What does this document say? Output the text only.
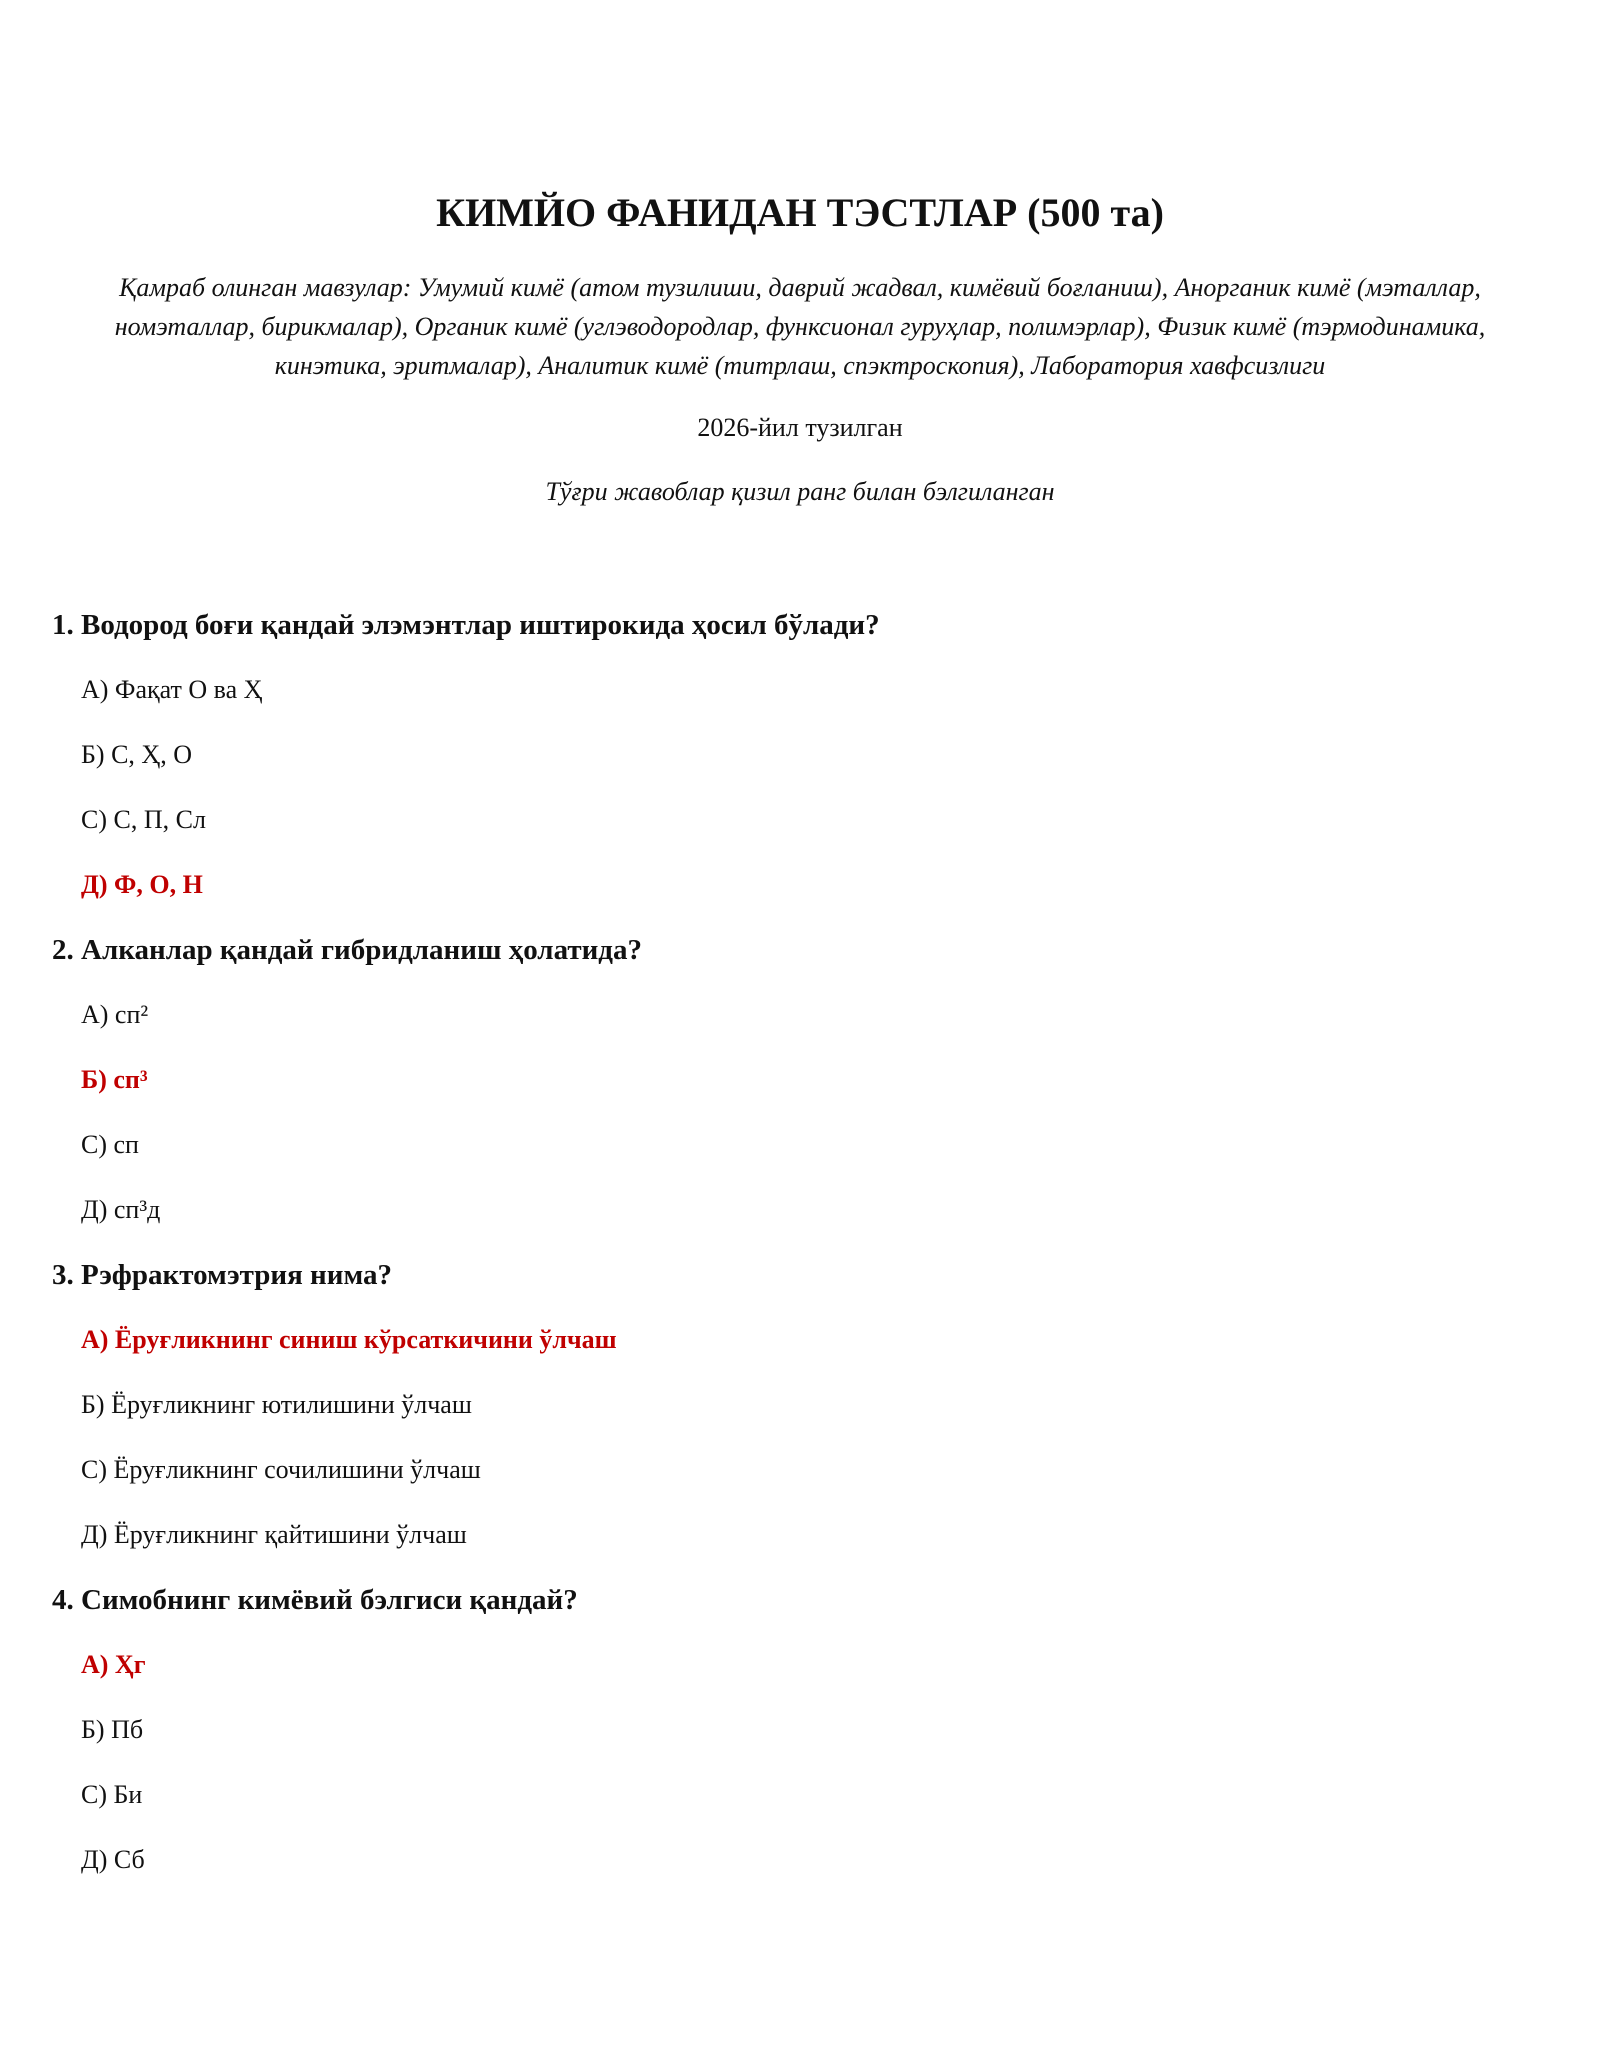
КИМЙО ФАНИДАН ТЭСТЛАР (500 та)

Қамраб олинган мавзулар: Умумий кимё (атом тузилиши, даврий жадвал, кимёвий боғланиш), Анорганик кимё (мэталлар, номэталлар, бирикмалар), Органик кимё (углэводородлар, функсионал гуруҳлар, полимэрлар), Физик кимё (тэрмодинамика, кинэтика, эритмалар), Аналитик кимё (титрлаш, спэктроскопия), Лаборатория хавфсизлиги

2026-йил тузилган
Тўғри жавоблар қизил ранг билан бэлгиланган
1. Водород боғи қандай элэмэнтлар иштирокида ҳосил бўлади?
А) Фақат О ва Ҳ
Б) С, Ҳ, О
С) С, П, Сл
Д) Ф, О, Н
2. Алканлар қандай гибридланиш ҳолатида?
А) сп²
Б) сп³
С) сп
Д) сп³д
3. Рэфрактомэтрия нима?
А) Ёруғликнинг синиш кўрсаткичини ўлчаш
Б) Ёруғликнинг ютилишини ўлчаш
С) Ёруғликнинг сочилишини ўлчаш
Д) Ёруғликнинг қайтишини ўлчаш
4. Симобнинг кимёвий бэлгиси қандай?
А) Ҳг
Б) Пб
С) Би
Д) Сб
